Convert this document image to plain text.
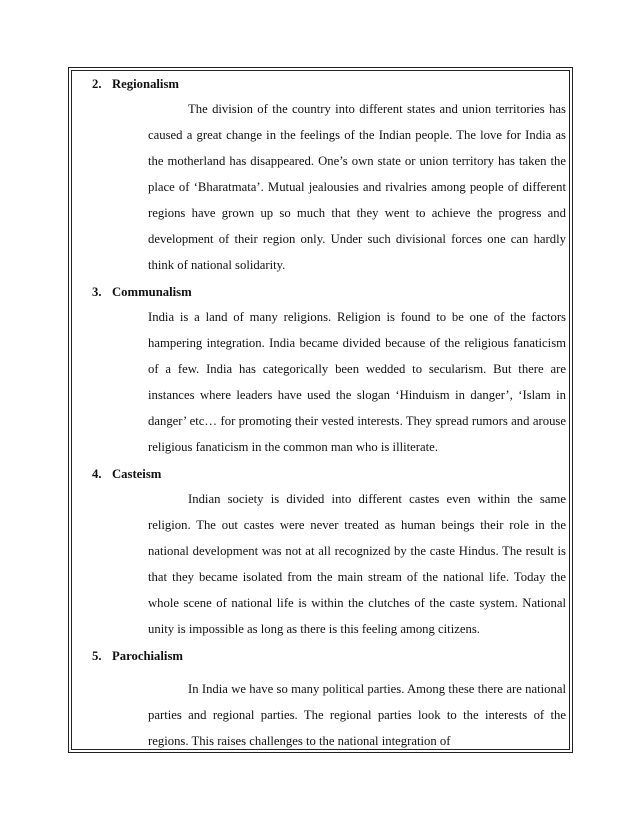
2. Regionalism

The division of the country into different states and union territories has caused a great change in the feelings of the Indian people. The love for India as the motherland has disappeared. One’s own state or union territory has taken the place of ‘Bharatmata’. Mutual jealousies and rivalries among people of different regions have grown up so much that they went to achieve the progress and development of their region only. Under such divisional forces one can hardly think of national solidarity.

3. Communalism

India is a land of many religions. Religion is found to be one of the factors hampering integration. India became divided because of the religious fanaticism of a few. India has categorically been wedded to secularism. But there are instances where leaders have used the slogan ‘Hinduism in danger’, ‘Islam in danger’ etc… for promoting their vested interests. They spread rumors and arouse religious fanaticism in the common man who is illiterate.

4. Casteism

Indian society is divided into different castes even within the same religion. The out castes were never treated as human beings their role in the national development was not at all recognized by the caste Hindus. The result is that they became isolated from the main stream of the national life. Today the whole scene of national life is within the clutches of the caste system. National unity is impossible as long as there is this feeling among citizens.

5. Parochialism

In India we have so many political parties. Among these there are national parties and regional parties. The regional parties look to the interests of the regions. This raises challenges to the national integration of
